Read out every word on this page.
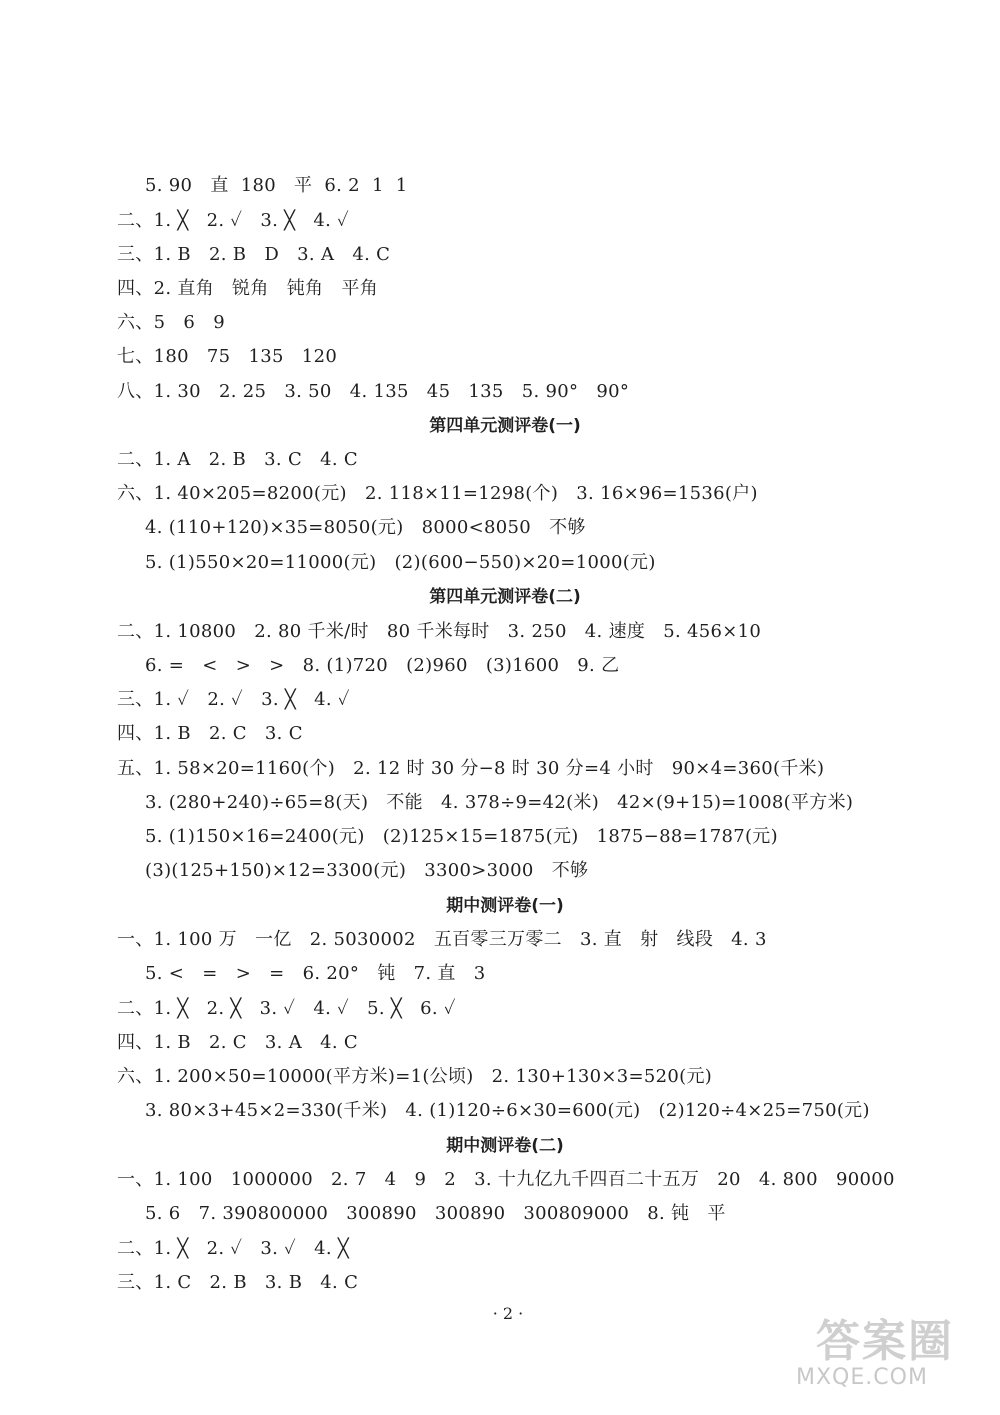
5. 90   直  180   平  6. 2  1  1
二、1. ╳   2. ✓   3. ╳   4. ✓
三、1. B   2. B   D   3. A   4. C
四、2. 直角   锐角   钝角   平角
六、5   6   9
七、180   75   135   120
八、1. 30   2. 25   3. 50   4. 135   45   135   5. 90°   90°
第四单元测评卷(一)
二、1. A   2. B   3. C   4. C
六、1. 40×205=8200(元)   2. 118×11=1298(个)   3. 16×96=1536(户)
4. (110+120)×35=8050(元)   8000<8050   不够
5. (1)550×20=11000(元)   (2)(600−550)×20=1000(元)
第四单元测评卷(二)
二、1. 10800   2. 80 千米/时   80 千米每时   3. 250   4. 速度   5. 456×10
6. =   <   >   >   8. (1)720   (2)960   (3)1600   9. 乙
三、1. ✓   2. ✓   3. ╳   4. ✓
四、1. B   2. C   3. C
五、1. 58×20=1160(个)   2. 12 时 30 分−8 时 30 分=4 小时   90×4=360(千米)
3. (280+240)÷65=8(天)   不能   4. 378÷9=42(米)   42×(9+15)=1008(平方米)
5. (1)150×16=2400(元)   (2)125×15=1875(元)   1875−88=1787(元)
(3)(125+150)×12=3300(元)   3300>3000   不够
期中测评卷(一)
一、1. 100 万   一亿   2. 5030002   五百零三万零二   3. 直   射   线段   4. 3
5. <   =   >   =   6. 20°   钝   7. 直   3
二、1. ╳   2. ╳   3. ✓   4. ✓   5. ╳   6. ✓
四、1. B   2. C   3. A   4. C
六、1. 200×50=10000(平方米)=1(公顷)   2. 130+130×3=520(元)
3. 80×3+45×2=330(千米)   4. (1)120÷6×30=600(元)   (2)120÷4×25=750(元)
期中测评卷(二)
一、1. 100   1000000   2. 7   4   9   2   3. 十九亿九千四百二十五万   20   4. 800   90000
5. 6   7. 390800000   300890   300890   300809000   8. 钝   平
二、1. ╳   2. ✓   3. ✓   4. ╳
三、1. C   2. B   3. B   4. C
· 2 ·
答案圈
MXQE.COM
